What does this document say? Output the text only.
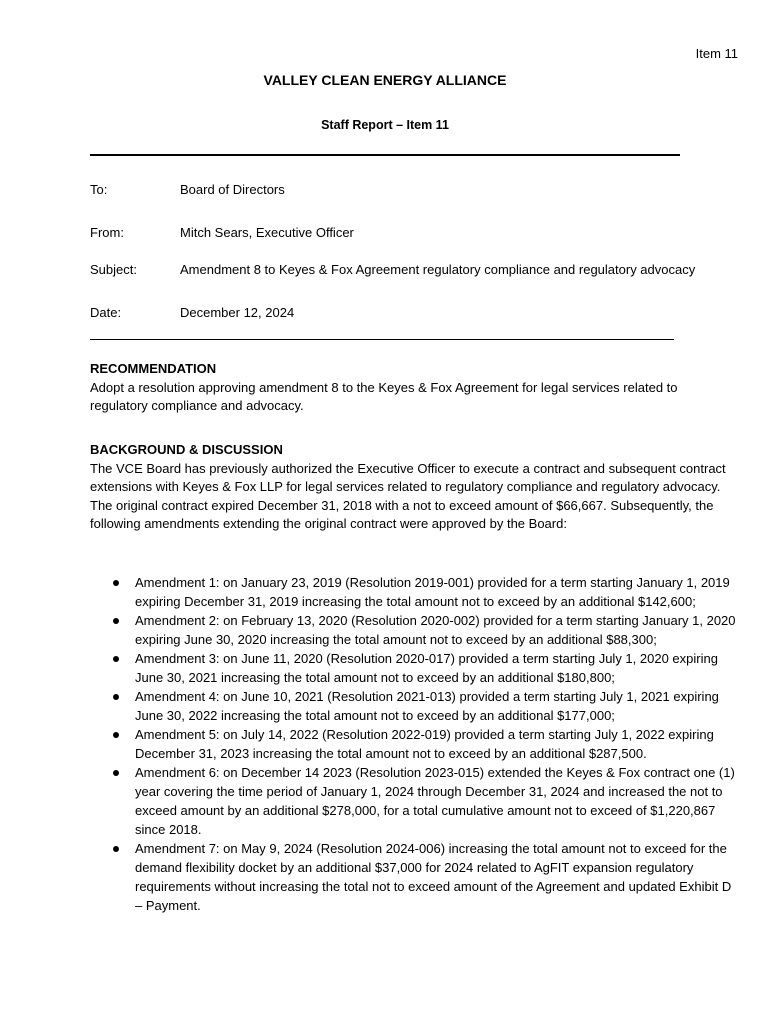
Item 11
VALLEY CLEAN ENERGY ALLIANCE
Staff Report – Item 11
To:	Board of Directors
From:	Mitch Sears, Executive Officer
Subject:	Amendment 8 to Keyes & Fox Agreement regulatory compliance and regulatory advocacy
Date:	December 12, 2024
RECOMMENDATION

Adopt a resolution approving amendment 8 to the Keyes & Fox Agreement for legal services related to regulatory compliance and advocacy.

BACKGROUND & DISCUSSION

The VCE Board has previously authorized the Executive Officer to execute a contract and subsequent contract extensions with Keyes & Fox LLP for legal services related to regulatory compliance and regulatory advocacy. The original contract expired December 31, 2018 with a not to exceed amount of $66,667. Subsequently, the following amendments extending the original contract were approved by the Board:

Amendment 1: on January 23, 2019 (Resolution 2019-001) provided for a term starting January 1, 2019 expiring December 31, 2019 increasing the total amount not to exceed by an additional $142,600;
Amendment 2: on February 13, 2020 (Resolution 2020-002) provided for a term starting January 1, 2020 expiring June 30, 2020 increasing the total amount not to exceed by an additional $88,300;
Amendment 3: on June 11, 2020 (Resolution 2020-017) provided a term starting July 1, 2020 expiring June 30, 2021 increasing the total amount not to exceed by an additional $180,800;
Amendment 4: on June 10, 2021 (Resolution 2021-013) provided a term starting July 1, 2021 expiring June 30, 2022 increasing the total amount not to exceed by an additional $177,000;
Amendment 5: on July 14, 2022 (Resolution 2022-019) provided a term starting July 1, 2022 expiring December 31, 2023 increasing the total amount not to exceed by an additional $287,500.
Amendment 6: on December 14 2023 (Resolution 2023-015) extended the Keyes & Fox contract one (1) year covering the time period of January 1, 2024 through December 31, 2024 and increased the not to exceed amount by an additional $278,000, for a total cumulative amount not to exceed of $1,220,867 since 2018.
Amendment 7: on May 9, 2024 (Resolution 2024-006) increasing the total amount not to exceed for the demand flexibility docket by an additional $37,000 for 2024 related to AgFIT expansion regulatory requirements without increasing the total not to exceed amount of the Agreement and updated Exhibit D – Payment.
